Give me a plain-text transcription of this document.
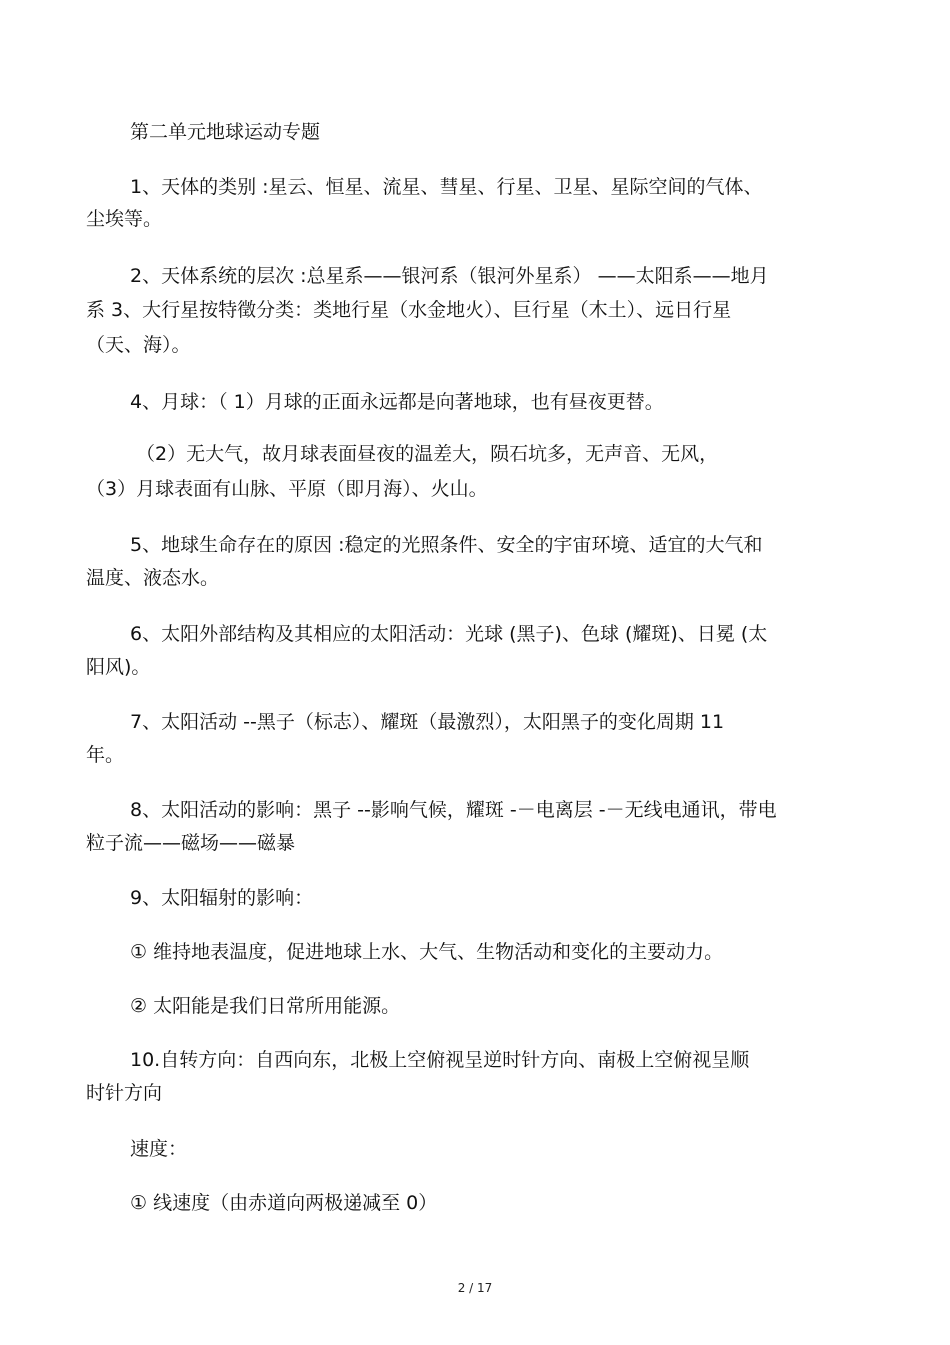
第二单元地球运动专题
1、天体的类别 :星云、恒星、流星、彗星、行星、卫星、星际空间的气体、
尘埃等。
2、天体系统的层次 :总星系——银河系（银河外星系） ——太阳系——地月
系 3、大行星按特徵分类：类地行星（水金地火）、巨行星（木土）、远日行星
（天、海）。
4、月球：（ 1）月球的正面永远都是向著地球，也有昼夜更替。
（2）无大气，故月球表面昼夜的温差大，陨石坑多，无声音、无风，
（3）月球表面有山脉、平原（即月海）、火山。
5、地球生命存在的原因 :稳定的光照条件、安全的宇宙环境、适宜的大气和
温度、液态水。
6、太阳外部结构及其相应的太阳活动：光球 (黑子)、色球 (耀斑)、日冕 (太
阳风)。
7、太阳活动 --黑子（标志）、耀斑（最激烈），太阳黑子的变化周期 11
年。
8、太阳活动的影响：黑子 --影响气候，耀斑 -－电离层 -－无线电通讯，带电
粒子流——磁场——磁暴
9、太阳辐射的影响：
① 维持地表温度，促进地球上水、大气、生物活动和变化的主要动力。
② 太阳能是我们日常所用能源。
10.自转方向：自西向东，北极上空俯视呈逆时针方向、南极上空俯视呈顺
时针方向
速度：
① 线速度（由赤道向两极递减至 0）
2 / 17
